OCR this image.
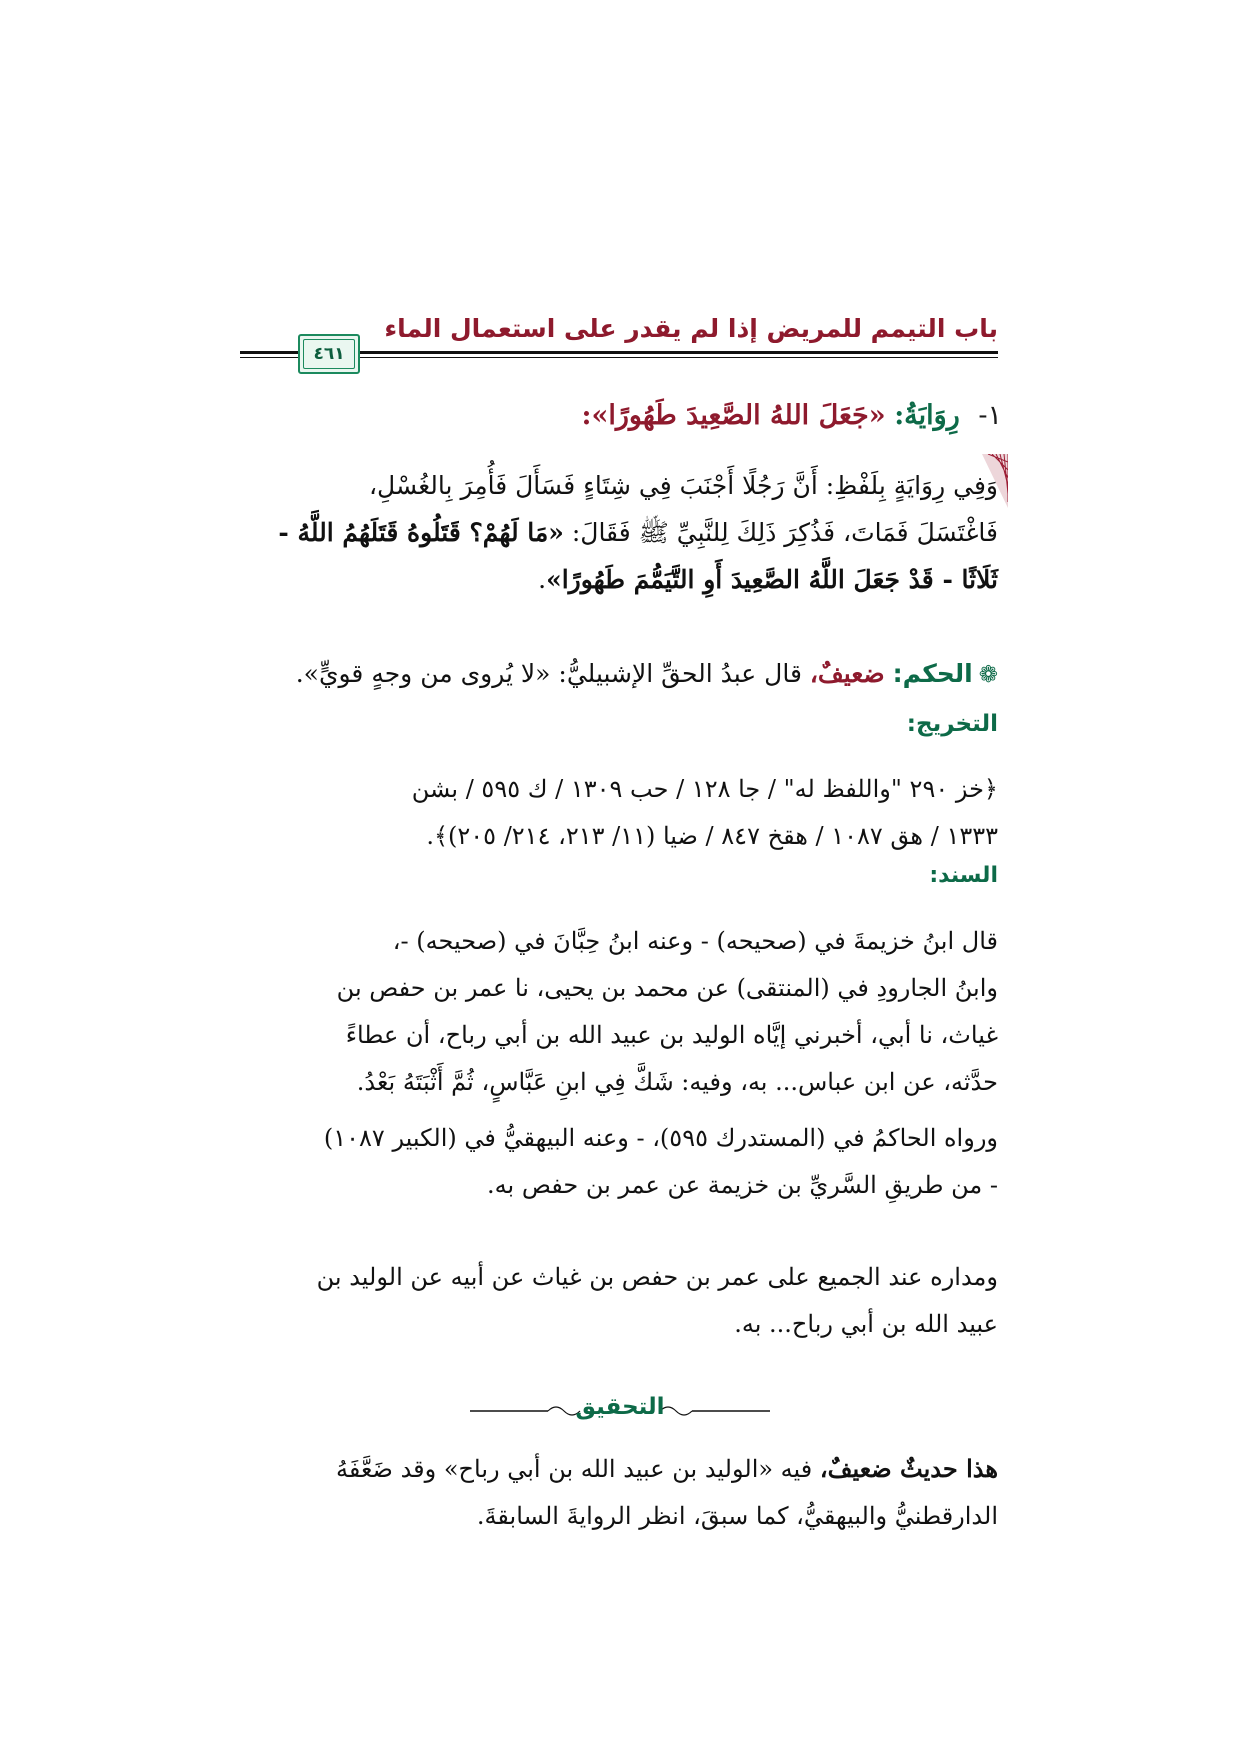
باب التيمم للمريض إذا لم يقدر على استعمال الماء
٤٦١
١- رِوَايَةُ: «جَعَلَ اللهُ الصَّعِيدَ طَهُورًا»:
وَفِي رِوَايَةٍ بِلَفْظِ: أَنَّ رَجُلًا أَجْنَبَ فِي شِتَاءٍ فَسَأَلَ فَأُمِرَ بِالغُسْلِ،
فَاغْتَسَلَ فَمَاتَ، فَذُكِرَ ذَلِكَ لِلنَّبِيِّ ﷺ فَقَالَ: «مَا لَهُمْ؟ قَتَلُوهُ قَتَلَهُمُ اللَّهُ -
ثَلَاثًا - قَدْ جَعَلَ اللَّهُ الصَّعِيدَ أَوِ التَّيَمُّمَ طَهُورًا».
❁الحكم: ضعيفٌ، قال عبدُ الحقِّ الإشبيليُّ: «لا يُروى من وجهٍ قويٍّ».
التخريج:
﴿خز ٢٩٠ "واللفظ له" / جا ١٢٨ / حب ١٣٠٩ / ك ٥٩٥ / بشن
١٣٣٣ / هق ١٠٨٧ / هقخ ٨٤٧ / ضيا (١١/ ٢١٣، ٢١٤/ ٢٠٥)﴾.
السند:
قال ابنُ خزيمةَ في (صحيحه) - وعنه ابنُ حِبَّانَ في (صحيحه) -،
وابنُ الجارودِ في (المنتقى) عن محمد بن يحيى، نا عمر بن حفص بن
غياث، نا أبي، أخبرني إيَّاه الوليد بن عبيد الله بن أبي رباح، أن عطاءً
حدَّثه، عن ابن عباس... به، وفيه: شَكَّ فِي ابنِ عَبَّاسٍ، ثُمَّ أَثْبَتَهُ بَعْدُ.
ورواه الحاكمُ في (المستدرك ٥٩٥)، - وعنه البيهقيُّ في (الكبير ١٠٨٧)
- من طريقِ السَّريِّ بن خزيمة عن عمر بن حفص به.
ومداره عند الجميع على عمر بن حفص بن غياث عن أبيه عن الوليد بن
عبيد الله بن أبي رباح... به.
التحقيق
هذا حديثٌ ضعيفٌ، فيه «الوليد بن عبيد الله بن أبي رباح» وقد ضَعَّفَهُ
الدارقطنيُّ والبيهقيُّ، كما سبقَ، انظر الروايةَ السابقةَ.
